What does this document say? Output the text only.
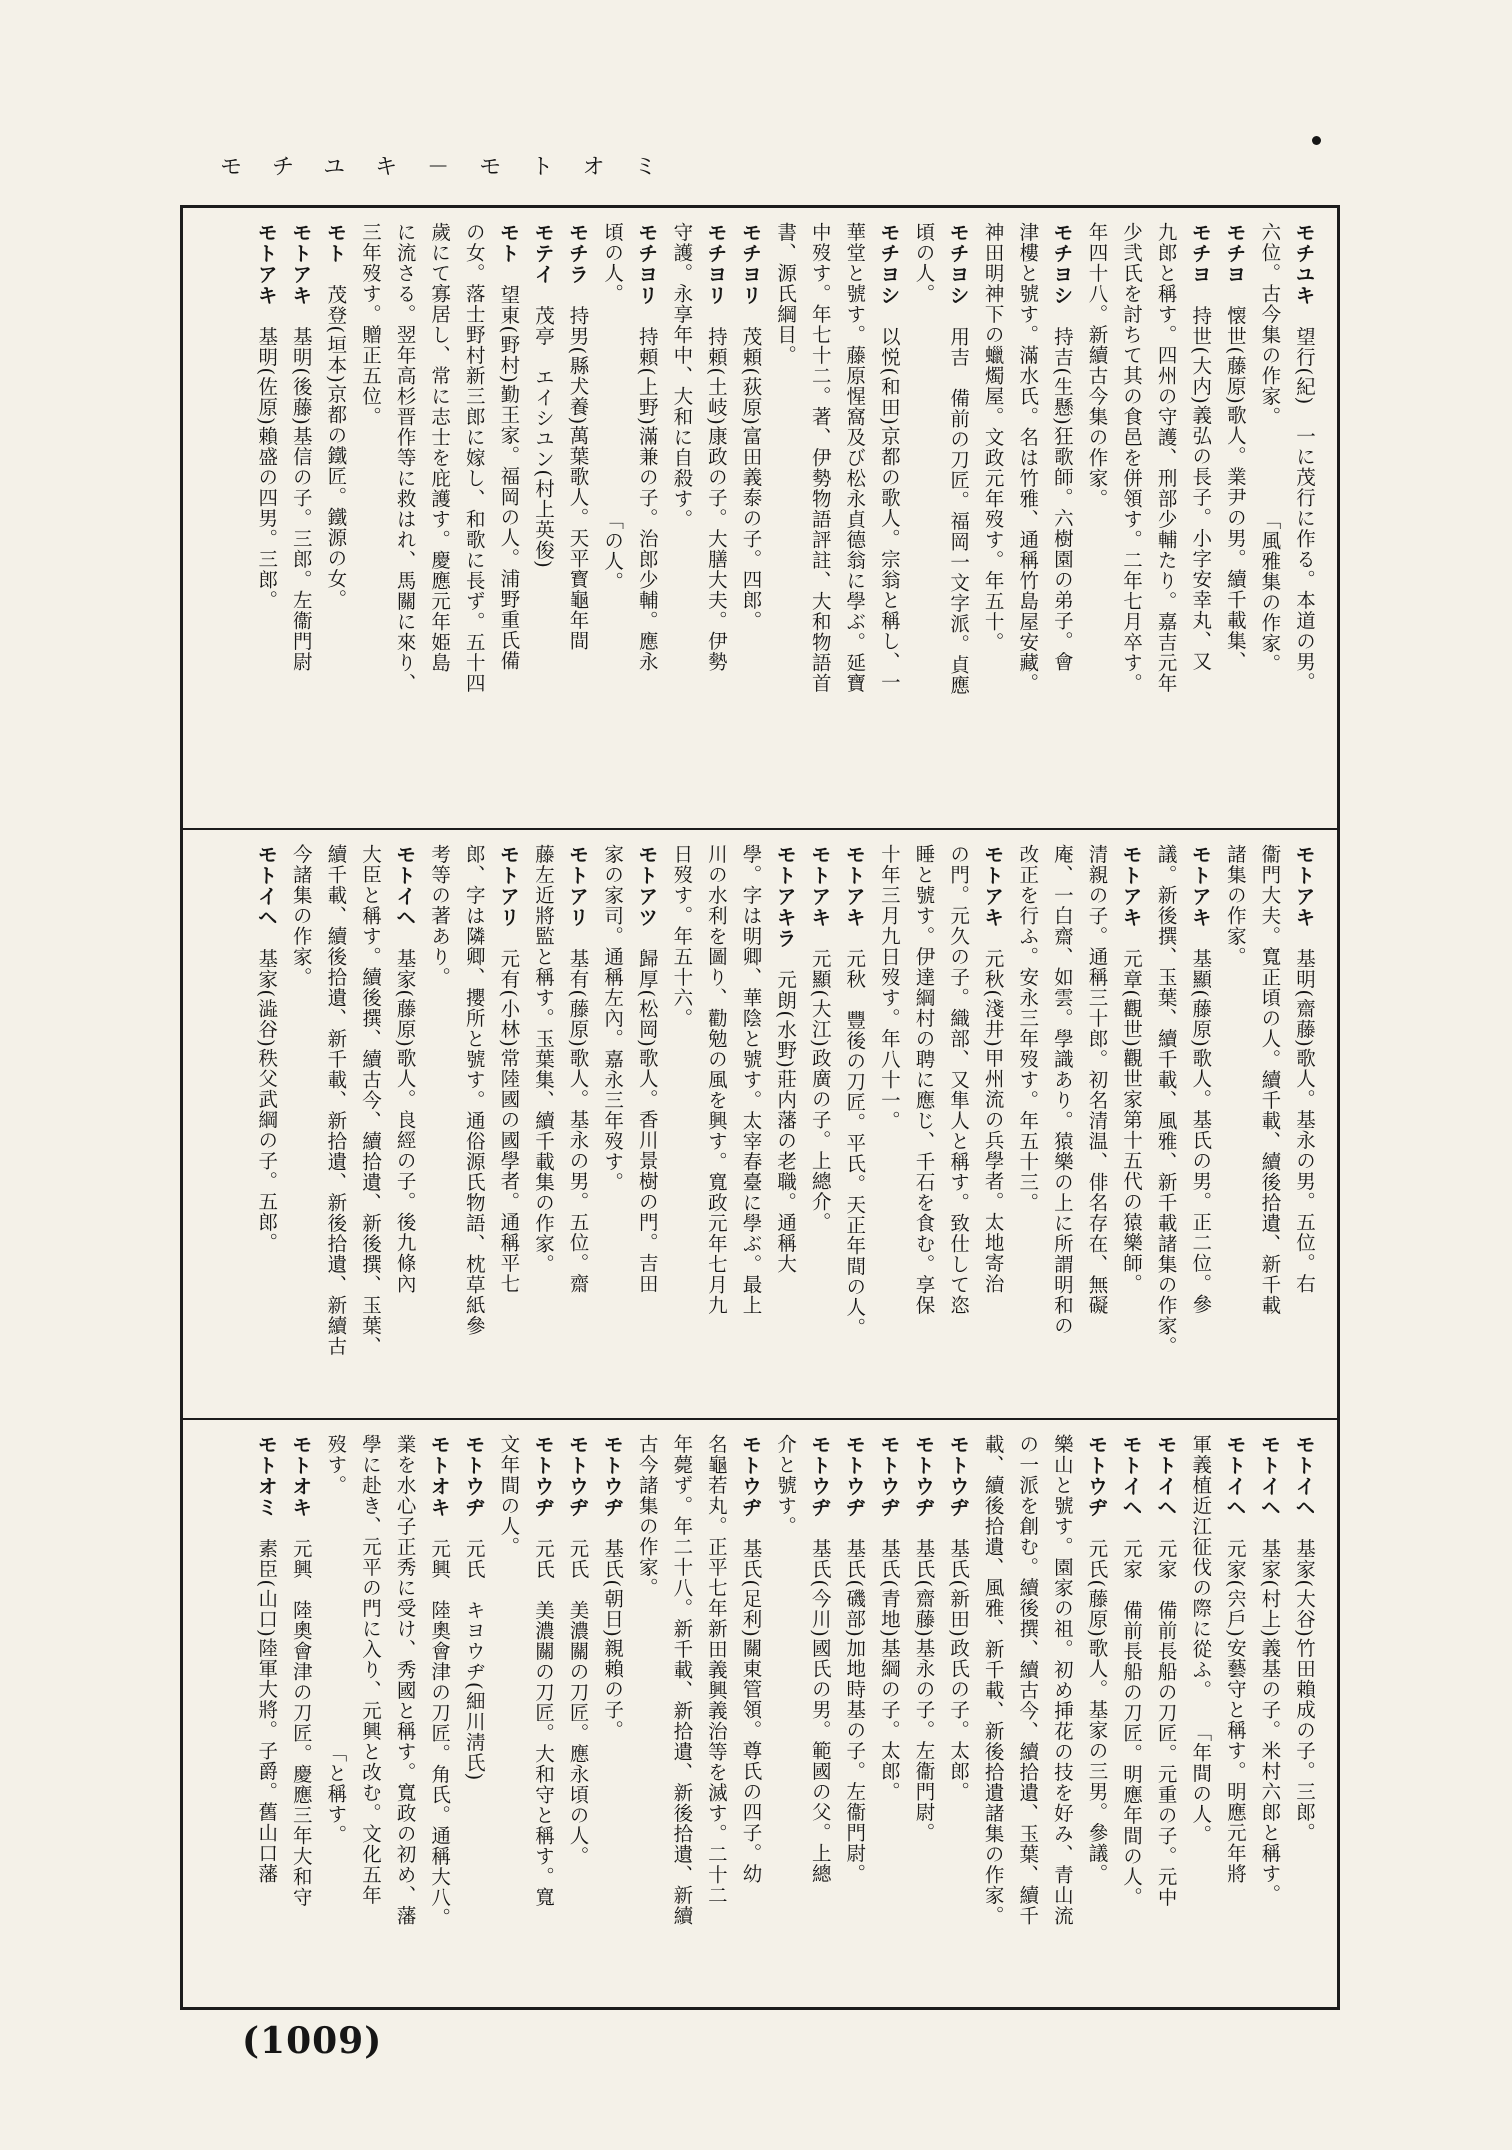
モチユキ－モトオミ
モチユキ　望行(紀)　一に茂行に作る。本道の男。
六位。古今集の作家。　　　　　「風雅集の作家。
モチヨ　懐世(藤原)歌人。業尹の男。續千載集、
モチヨ　持世(大内)義弘の長子。小字安幸丸、又
九郎と稱す。四州の守護、刑部少輔たり。嘉吉元年
少弐氏を討ちて其の食邑を併領す。二年七月卒す。
年四十八。新續古今集の作家。
モチヨシ　持吉(生懸)狂歌師。六樹園の弟子。會
津樓と號す。滿水氏。名は竹雅、通稱竹島屋安藏。
神田明神下の蠟燭屋。文政元年歿す。年五十。
モチヨシ　用吉　備前の刀匠。福岡一文字派。貞應
頃の人。
モチヨシ　以悦(和田)京都の歌人。宗翁と稱し、一
華堂と號す。藤原惺窩及び松永貞德翁に學ぶ。延寶
中歿す。年七十二。著、伊勢物語評註、大和物語首
書、源氏綱目。
モチヨリ　茂頼(荻原)富田義泰の子。四郎。
モチヨリ　持頼(土岐)康政の子。大膳大夫。伊勢
守護。永享年中、大和に自殺す。
モチヨリ　持頼(上野)滿兼の子。治郎少輔。應永
頃の人。　　　　　　　　　　　「の人。
モチラ　持男(縣犬養)萬葉歌人。天平寳龜年間
モテイ　茂亭　エイシユン(村上英俊)
モト　望東(野村)勤王家。福岡の人。浦野重氏備
の女。落士野村新三郎に嫁し、和歌に長ず。五十四
歲にて寡居し、常に志士を庇護す。慶應元年姫島
に流さる。翌年高杉晋作等に救はれ、馬關に來り、
三年歿す。贈正五位。
モト　茂登(垣本)京都の鐵匠。鐵源の女。
モトアキ　基明(後藤)基信の子。三郎。左衞門尉
モトアキ　基明(佐原)賴盛の四男。三郎。
モトアキ　基明(齋藤)歌人。基永の男。五位。右
衞門大夫。寬正頃の人。續千載、續後拾遺、新千載
諸集の作家。
モトアキ　基顯(藤原)歌人。基氏の男。正二位。參
議。新後撰、玉葉、續千載、風雅、新千載諸集の作家。
モトアキ　元章(觀世)觀世家第十五代の猿樂師。
清親の子。通稱三十郎。初名清温、俳名存在、無礙
庵、一白齋、如雲。學識あり。猿樂の上に所謂明和の
改正を行ふ。安永三年歿す。年五十三。
モトアキ　元秋(淺井)甲州流の兵學者。太地寄治
の門。元久の子。織部、又隼人と稱す。致仕して恣
睡と號す。伊達綱村の聘に應じ、千石を食む。享保
十年三月九日歿す。年八十一。
モトアキ　元秋　豐後の刀匠。平氏。天正年間の人。
モトアキ　元顯(大江)政廣の子。上總介。
モトアキラ　元朗(水野)莊内藩の老職。通稱大
學。字は明卿、華陰と號す。太宰春臺に學ぶ。最上
川の水利を圖り、勸勉の風を興す。寬政元年七月九
日歿す。年五十六。
モトアツ　歸厚(松岡)歌人。香川景樹の門。吉田
家の家司。通稱左內。嘉永三年歿す。
モトアリ　基有(藤原)歌人。基永の男。五位。齋
藤左近將監と稱す。玉葉集、續千載集の作家。
モトアリ　元有(小林)常陸國の國學者。通稱平七
郎、字は隣卿、攖所と號す。通俗源氏物語、枕草紙參
考等の著あり。
モトイヘ　基家(藤原)歌人。良經の子。後九條內
大臣と稱す。續後撰、續古今、續拾遺、新後撰、玉葉、
續千載、續後拾遺、新千載、新拾遺、新後拾遺、新續古
今諸集の作家。
モトイヘ　基家(澁谷)秩父武綱の子。五郎。
モトイヘ　基家(大谷)竹田賴成の子。三郎。
モトイヘ　基家(村上)義基の子。米村六郎と稱す。
モトイヘ　元家(宍戶)安藝守と稱す。明應元年將
軍義植近江征伐の際に從ふ。　　「年間の人。
モトイヘ　元家　備前長船の刀匠。元重の子。元中
モトイヘ　元家　備前長船の刀匠。明應年間の人。
モトウヂ　元氏(藤原)歌人。基家の三男。參議。
樂山と號す。園家の祖。初め挿花の技を好み、青山流
の一派を創む。續後撰、續古今、續拾遺、玉葉、續千
載、續後拾遺、風雅、新千載、新後拾遺諸集の作家。
モトウヂ　基氏(新田)政氏の子。太郎。
モトウヂ　基氏(齋藤)基永の子。左衞門尉。
モトウヂ　基氏(青地)基綱の子。太郎。
モトウヂ　基氏(磯部)加地時基の子。左衞門尉。
モトウヂ　基氏(今川)國氏の男。範國の父。上總
介と號す。
モトウヂ　基氏(足利)關東管領。尊氏の四子。幼
名龜若丸。正平七年新田義興義治等を滅す。二十二
年薨ず。年二十八。新千載、新拾遺、新後拾遺、新續
古今諸集の作家。
モトウヂ　基氏(朝日)親賴の子。
モトウヂ　元氏　美濃關の刀匠。應永頃の人。
モトウヂ　元氏　美濃關の刀匠。大和守と稱す。寬
文年間の人。
モトウヂ　元氏　キヨウヂ(細川淸氏)
モトオキ　元興　陸奧會津の刀匠。角氏。通稱大八。
業を水心子正秀に受け、秀國と稱す。寬政の初め、藩
學に赴き、元平の門に入り、元興と改む。文化五年
歿す。　　　　　　　　　　　　　「と稱す。
モトオキ　元興　陸奧會津の刀匠。慶應三年大和守
モトオミ　素臣(山口)陸軍大將。子爵。舊山口藩
(1009)
